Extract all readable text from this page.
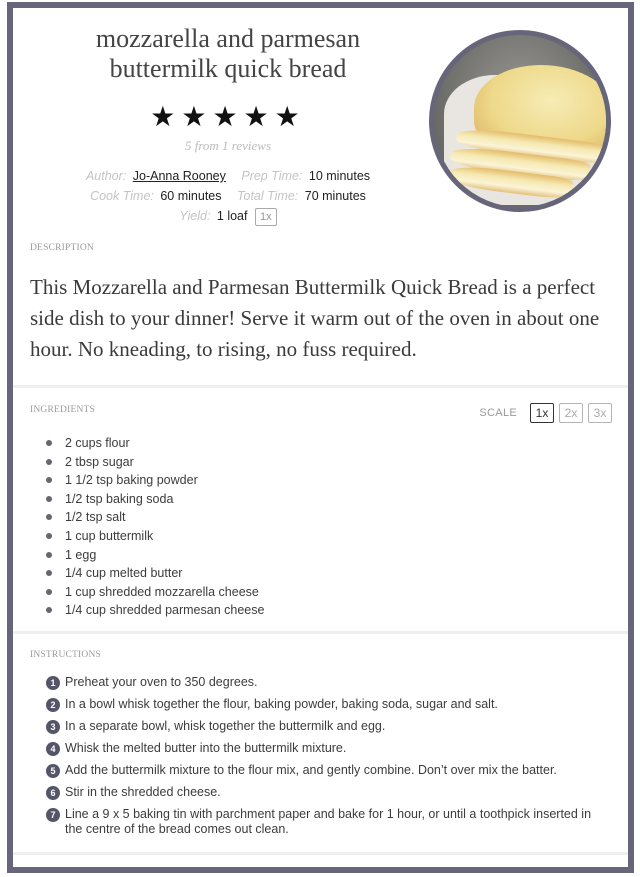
mozzarella and parmesan buttermilk quick bread
★★★★★
5 from 1 reviews
Author: Jo-Anna Rooney Prep Time: 10 minutes
Cook Time: 60 minutes Total Time: 70 minutes
Yield: 1 loaf 1x
DESCRIPTION

This Mozzarella and Parmesan Buttermilk Quick Bread is a perfect side dish to your dinner! Serve it warm out of the oven in about one hour. No kneading, to rising, no fuss required.

INGREDIENTS	SCALE	1x	2x	3x
2 cups flour
2 tbsp sugar
1 1/2 tsp baking powder
1/2 tsp baking soda
1/2 tsp salt
1 cup buttermilk
1 egg
1/4 cup melted butter
1 cup shredded mozzarella cheese
1/4 cup shredded parmesan cheese
INSTRUCTIONS
1 Preheat your oven to 350 degrees.
2 In a bowl whisk together the flour, baking powder, baking soda, sugar and salt.
3 In a separate bowl, whisk together the buttermilk and egg.
4 Whisk the melted butter into the buttermilk mixture.
5 Add the buttermilk mixture to the flour mix, and gently combine. Don’t over mix the batter.
6 Stir in the shredded cheese.
7 Line a 9 x 5 baking tin with parchment paper and bake for 1 hour, or until a toothpick inserted in the centre of the bread comes out clean.
